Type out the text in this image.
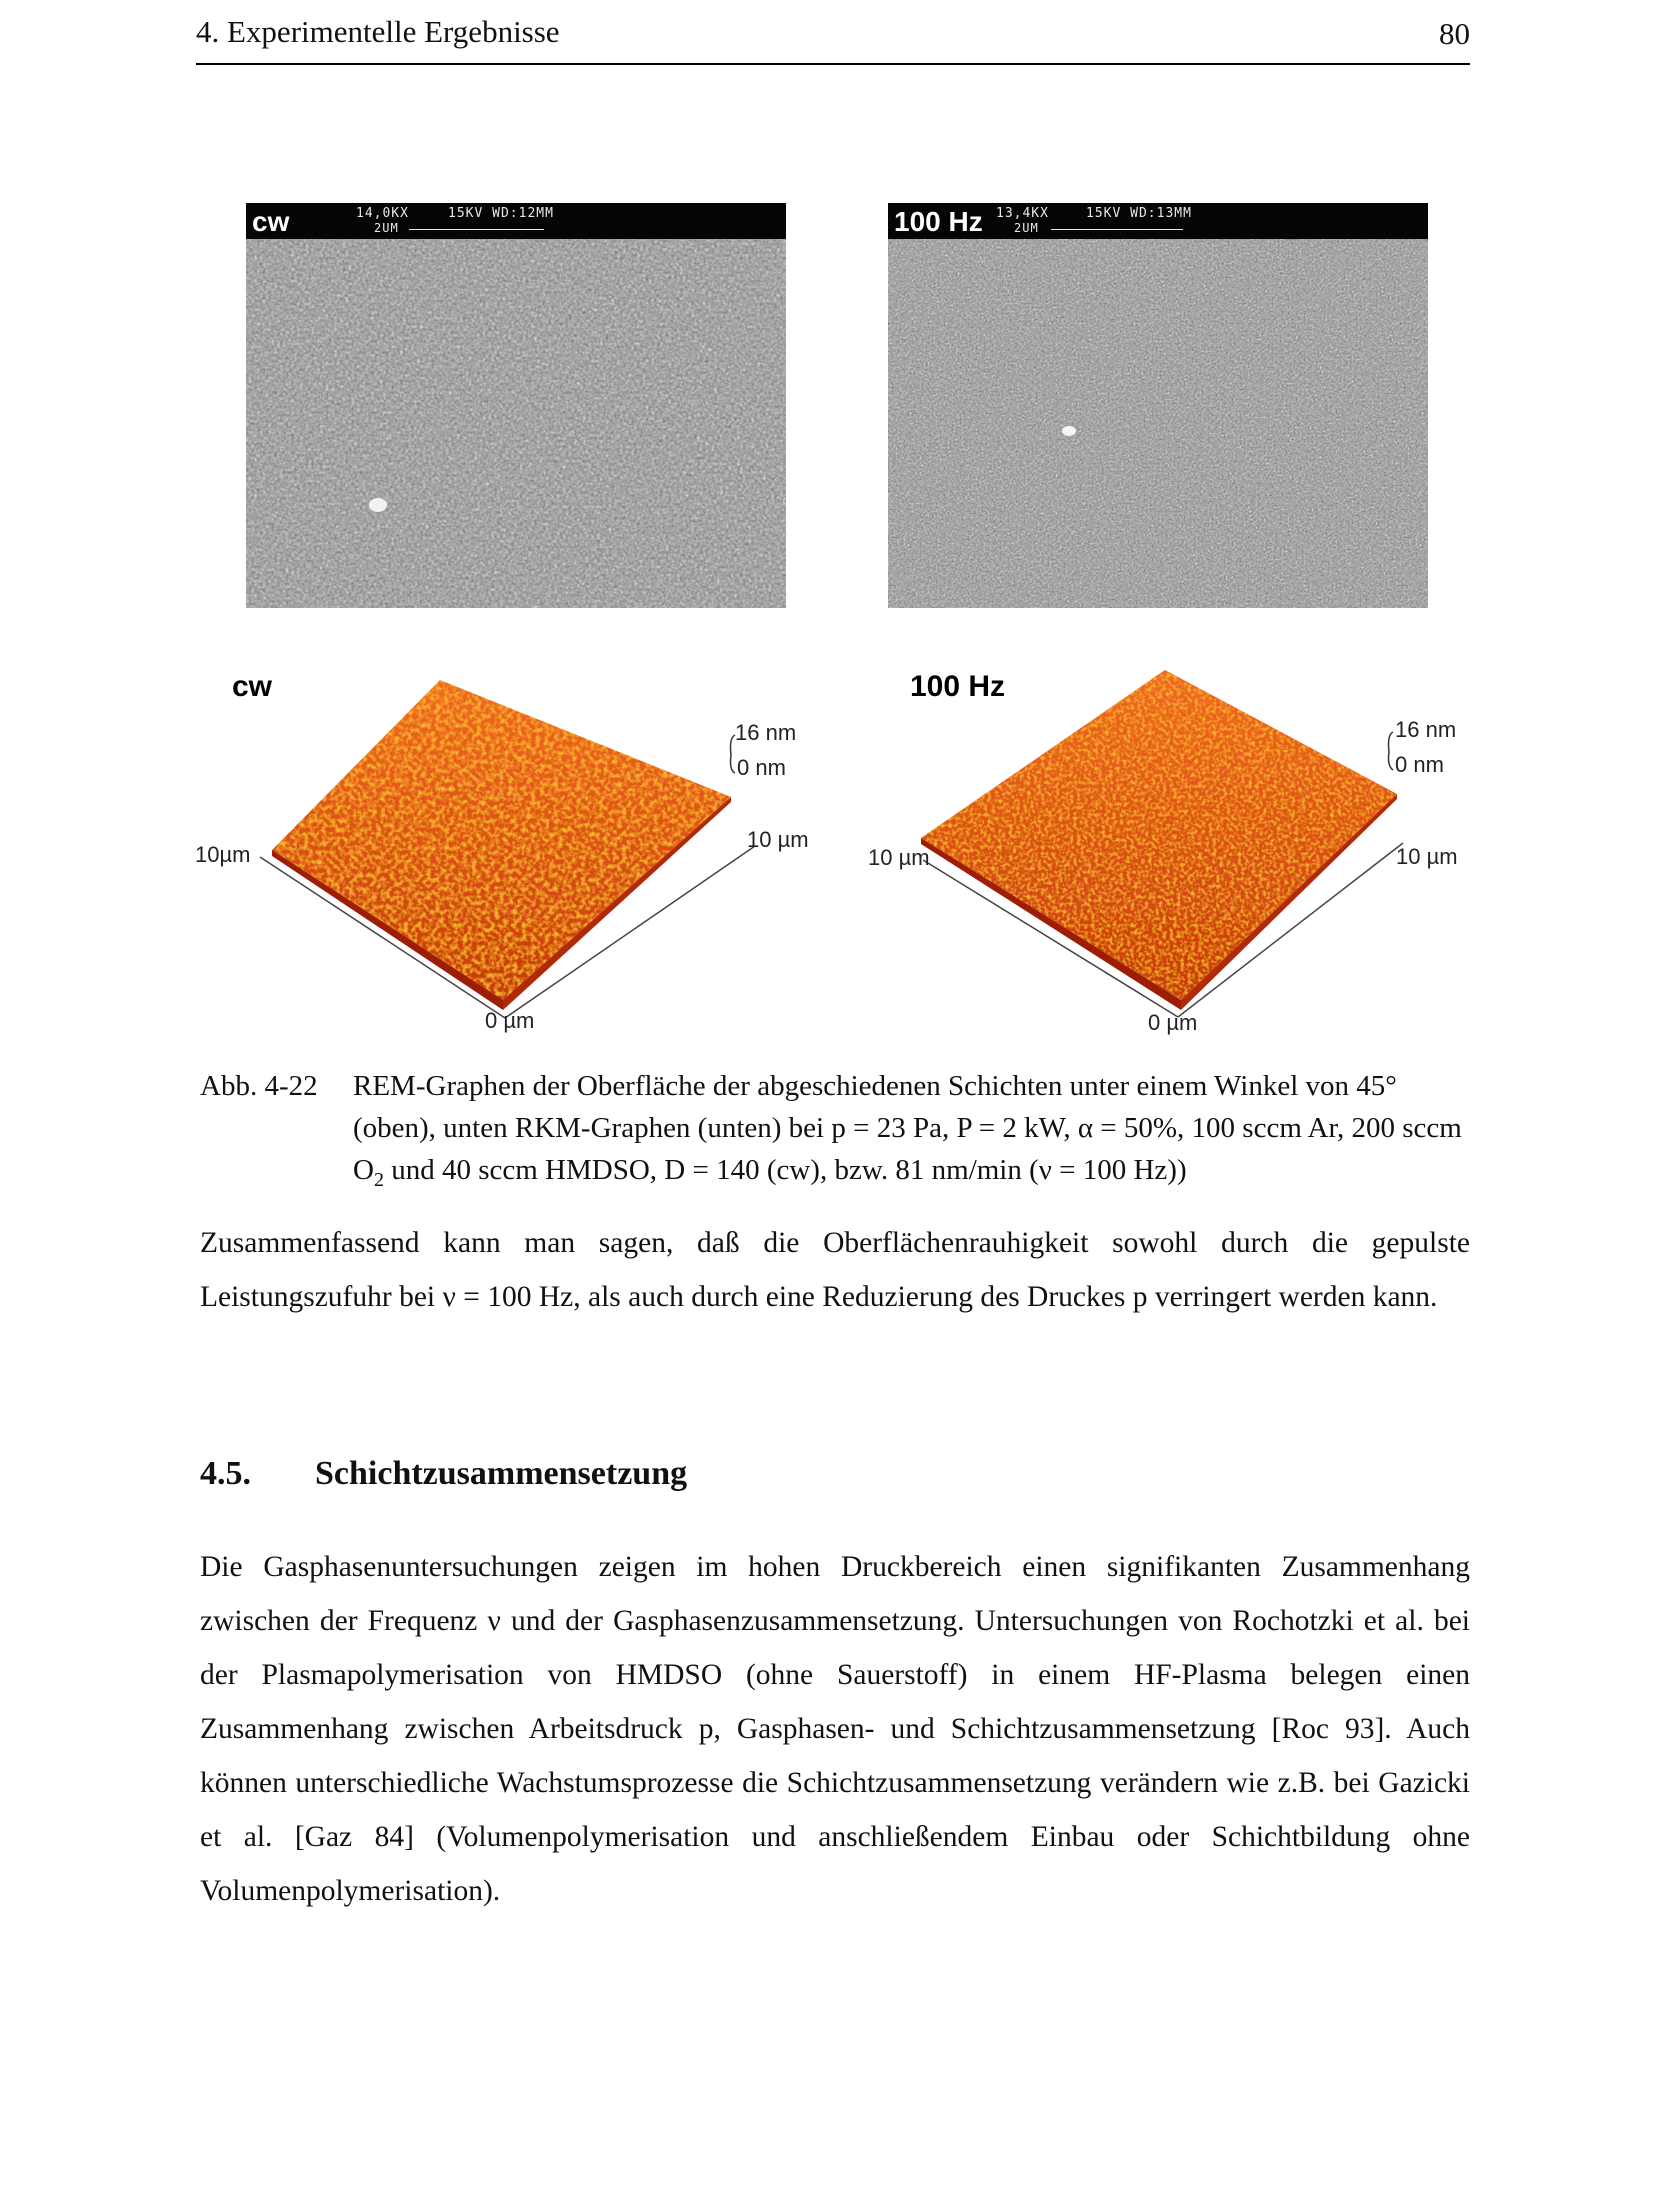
4. Experimentelle Ergebnisse	80
cw	14,0KX	15KV WD:12MM
2UM	100 Hz 13,4KX	15KV WD:13MM
2UM
cw	100 Hz
16 nm
0 nm
10µm
10 µm
0 µm
16 nm
0 nm
10 µm	10 µm
0 µm
Abb. 4-22 REM-Graphen der Oberfläche der abgeschiedenen Schichten unter einem Winkel von 45° (oben), unten RKM-Graphen (unten) bei p = 23 Pa, P = 2 kW, α = 50%, 100 sccm Ar, 200 sccm $O_2$ und 40 sccm HMDSO, D = 140 (cw), bzw. 81 nm/min (ν = 100 Hz))

Zusammenfassend kann man sagen, daß die Oberflächenrauhigkeit sowohl durch die gepulste Leistungszufuhr bei ν = 100 Hz, als auch durch eine Reduzierung des Druckes p verringert werden kann.

4.5. Schichtzusammensetzung

Die Gasphasenuntersuchungen zeigen im hohen Druckbereich einen signifikanten Zusammenhang zwischen der Frequenz ν und der Gasphasenzusammensetzung. Untersuchungen von Rochotzki et al. bei der Plasmapolymerisation von HMDSO (ohne Sauerstoff) in einem HF-Plasma belegen einen Zusammenhang zwischen Arbeitsdruck p, Gasphasen- und Schichtzusammensetzung [Roc 93]. Auch können unterschiedliche Wachstumsprozesse die Schichtzusammensetzung verändern wie z.B. bei Gazicki et al. [Gaz 84] (Volumenpolymerisation und anschließendem Einbau oder Schichtbildung ohne Volumenpolymerisation).
